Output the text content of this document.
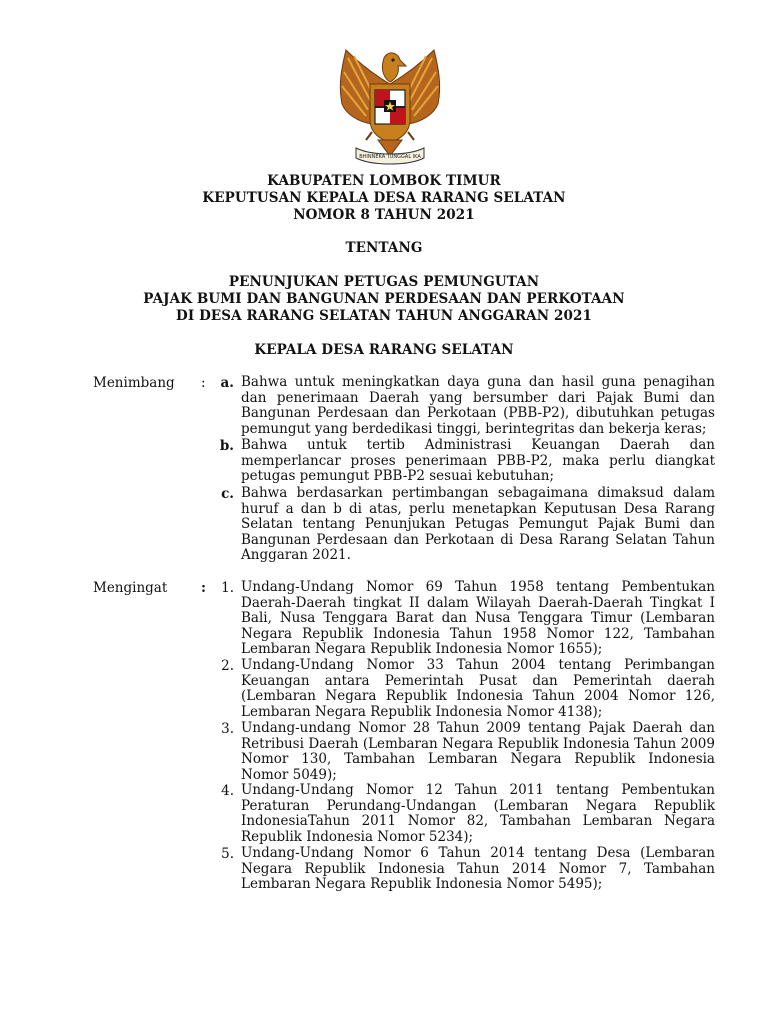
BHINNEKA TUNGGAL IKA
KABUPATEN LOMBOK TIMUR
KEPUTUSAN KEPALA DESA RARANG SELATAN
NOMOR 8 TAHUN 2021
TENTANG
PENUNJUKAN PETUGAS PEMUNGUTAN
PAJAK BUMI DAN BANGUNAN PERDESAAN DAN PERKOTAAN
DI DESA RARANG SELATAN TAHUN ANGGARAN 2021
KEPALA DESA RARANG SELATAN
Menimbang :	a. Bahwa untuk meningkatkan daya guna dan hasil guna penagihan dan penerimaan Daerah yang bersumber dari Pajak Bumi dan Bangunan Perdesaan dan Perkotaan (PBB-P2), dibutuhkan petugas pemungut yang berdedikasi tinggi, berintegritas dan bekerja keras;
b. Bahwa untuk tertib Administrasi Keuangan Daerah dan memperlancar proses penerimaan PBB-P2, maka perlu diangkat petugas pemungut PBB-P2 sesuai kebutuhan;
c. Bahwa berdasarkan pertimbangan sebagaimana dimaksud dalam huruf a dan b di atas, perlu menetapkan Keputusan Desa Rarang Selatan tentang Penunjukan Petugas Pemungut Pajak Bumi dan Bangunan Perdesaan dan Perkotaan di Desa Rarang Selatan Tahun Anggaran 2021.
Mengingat :	1. Undang-Undang Nomor 69 Tahun 1958 tentang Pembentukan Daerah-Daerah tingkat II dalam Wilayah Daerah-Daerah Tingkat I Bali, Nusa Tenggara Barat dan Nusa Tenggara Timur (Lembaran Negara Republik Indonesia Tahun 1958 Nomor 122, Tambahan Lembaran Negara Republik Indonesia Nomor 1655);
2. Undang-Undang Nomor 33 Tahun 2004 tentang Perimbangan Keuangan antara Pemerintah Pusat dan Pemerintah daerah (Lembaran Negara Republik Indonesia Tahun 2004 Nomor 126, Lembaran Negara Republik Indonesia Nomor 4138);
3. Undang-undang Nomor 28 Tahun 2009 tentang Pajak Daerah dan Retribusi Daerah (Lembaran Negara Republik Indonesia Tahun 2009 Nomor 130, Tambahan Lembaran Negara Republik Indonesia Nomor 5049);
4. Undang-Undang Nomor 12 Tahun 2011 tentang Pembentukan Peraturan Perundang-Undangan (Lembaran Negara Republik IndonesiaTahun 2011 Nomor 82, Tambahan Lembaran Negara Republik Indonesia Nomor 5234);
5. Undang-Undang Nomor 6 Tahun 2014 tentang Desa (Lembaran Negara Republik Indonesia Tahun 2014 Nomor 7, Tambahan Lembaran Negara Republik Indonesia Nomor 5495);
